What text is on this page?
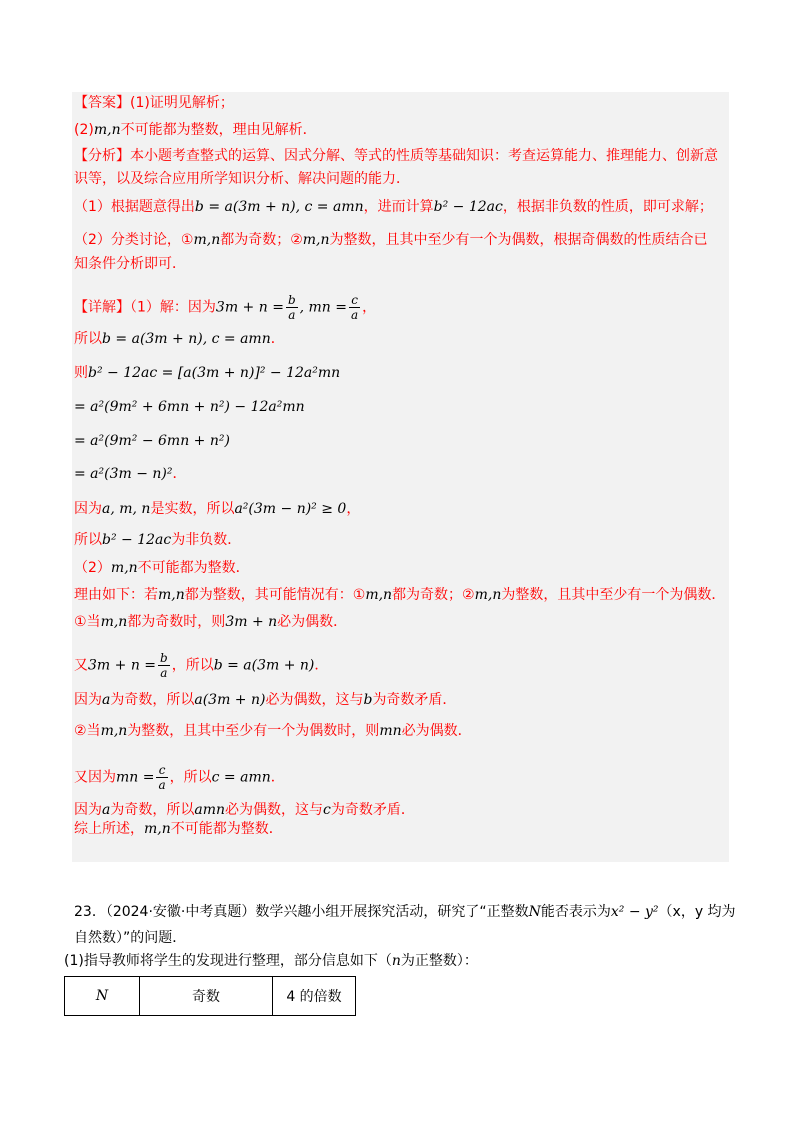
【答案】(1)证明见解析；
(2)m,n不可能都为整数，理由见解析．
【分析】本小题考查整式的运算、因式分解、等式的性质等基础知识：考查运算能力、推理能力、创新意
识等，以及综合应用所学知识分析、解决问题的能力．
（1）根据题意得出b = a(3m + n), c = amn，进而计算b² − 12ac，根据非负数的性质，即可求解；
（2）分类讨论，①m,n都为奇数；②m,n为整数，且其中至少有一个为偶数，根据奇偶数的性质结合已
知条件分析即可．
【详解】（1）解：因为$3m + n = \frac{b}{a}$ , mn = $\frac{c}{a}$ ，
所以b = a(3m + n), c = amn．
则b² − 12ac = [a(3m + n)]² − 12a²mn
= a²(9m² + 6mn + n²) − 12a²mn
= a²(9m² − 6mn + n²)
= a²(3m − n)²．
因为a, m, n是实数，所以a²(3m − n)² ≥ 0，
所以b² − 12ac为非负数．
（2）m,n不可能都为整数．
理由如下：若m,n都为整数，其可能情况有：①m,n都为奇数；②m,n为整数，且其中至少有一个为偶数．
①当m,n都为奇数时，则3m + n必为偶数．
又$3m + n = \frac{b}{a}$ ，所以b = a(3m + n)．
因为a为奇数，所以a(3m + n)必为偶数，这与b为奇数矛盾．
②当m,n为整数，且其中至少有一个为偶数时，则mn必为偶数．
又因为mn = $\frac{c}{a}$ ，所以c = amn．
因为a为奇数，所以amn必为偶数，这与c为奇数矛盾．
综上所述，m,n不可能都为整数．
23．（2024·安徽·中考真题）数学兴趣小组开展探究活动，研究了“正整数N能否表示为x² − y²（x，y 均为
自然数）”的问题．
(1)指导教师将学生的发现进行整理，部分信息如下（n为正整数）：
N	奇数	4 的倍数
